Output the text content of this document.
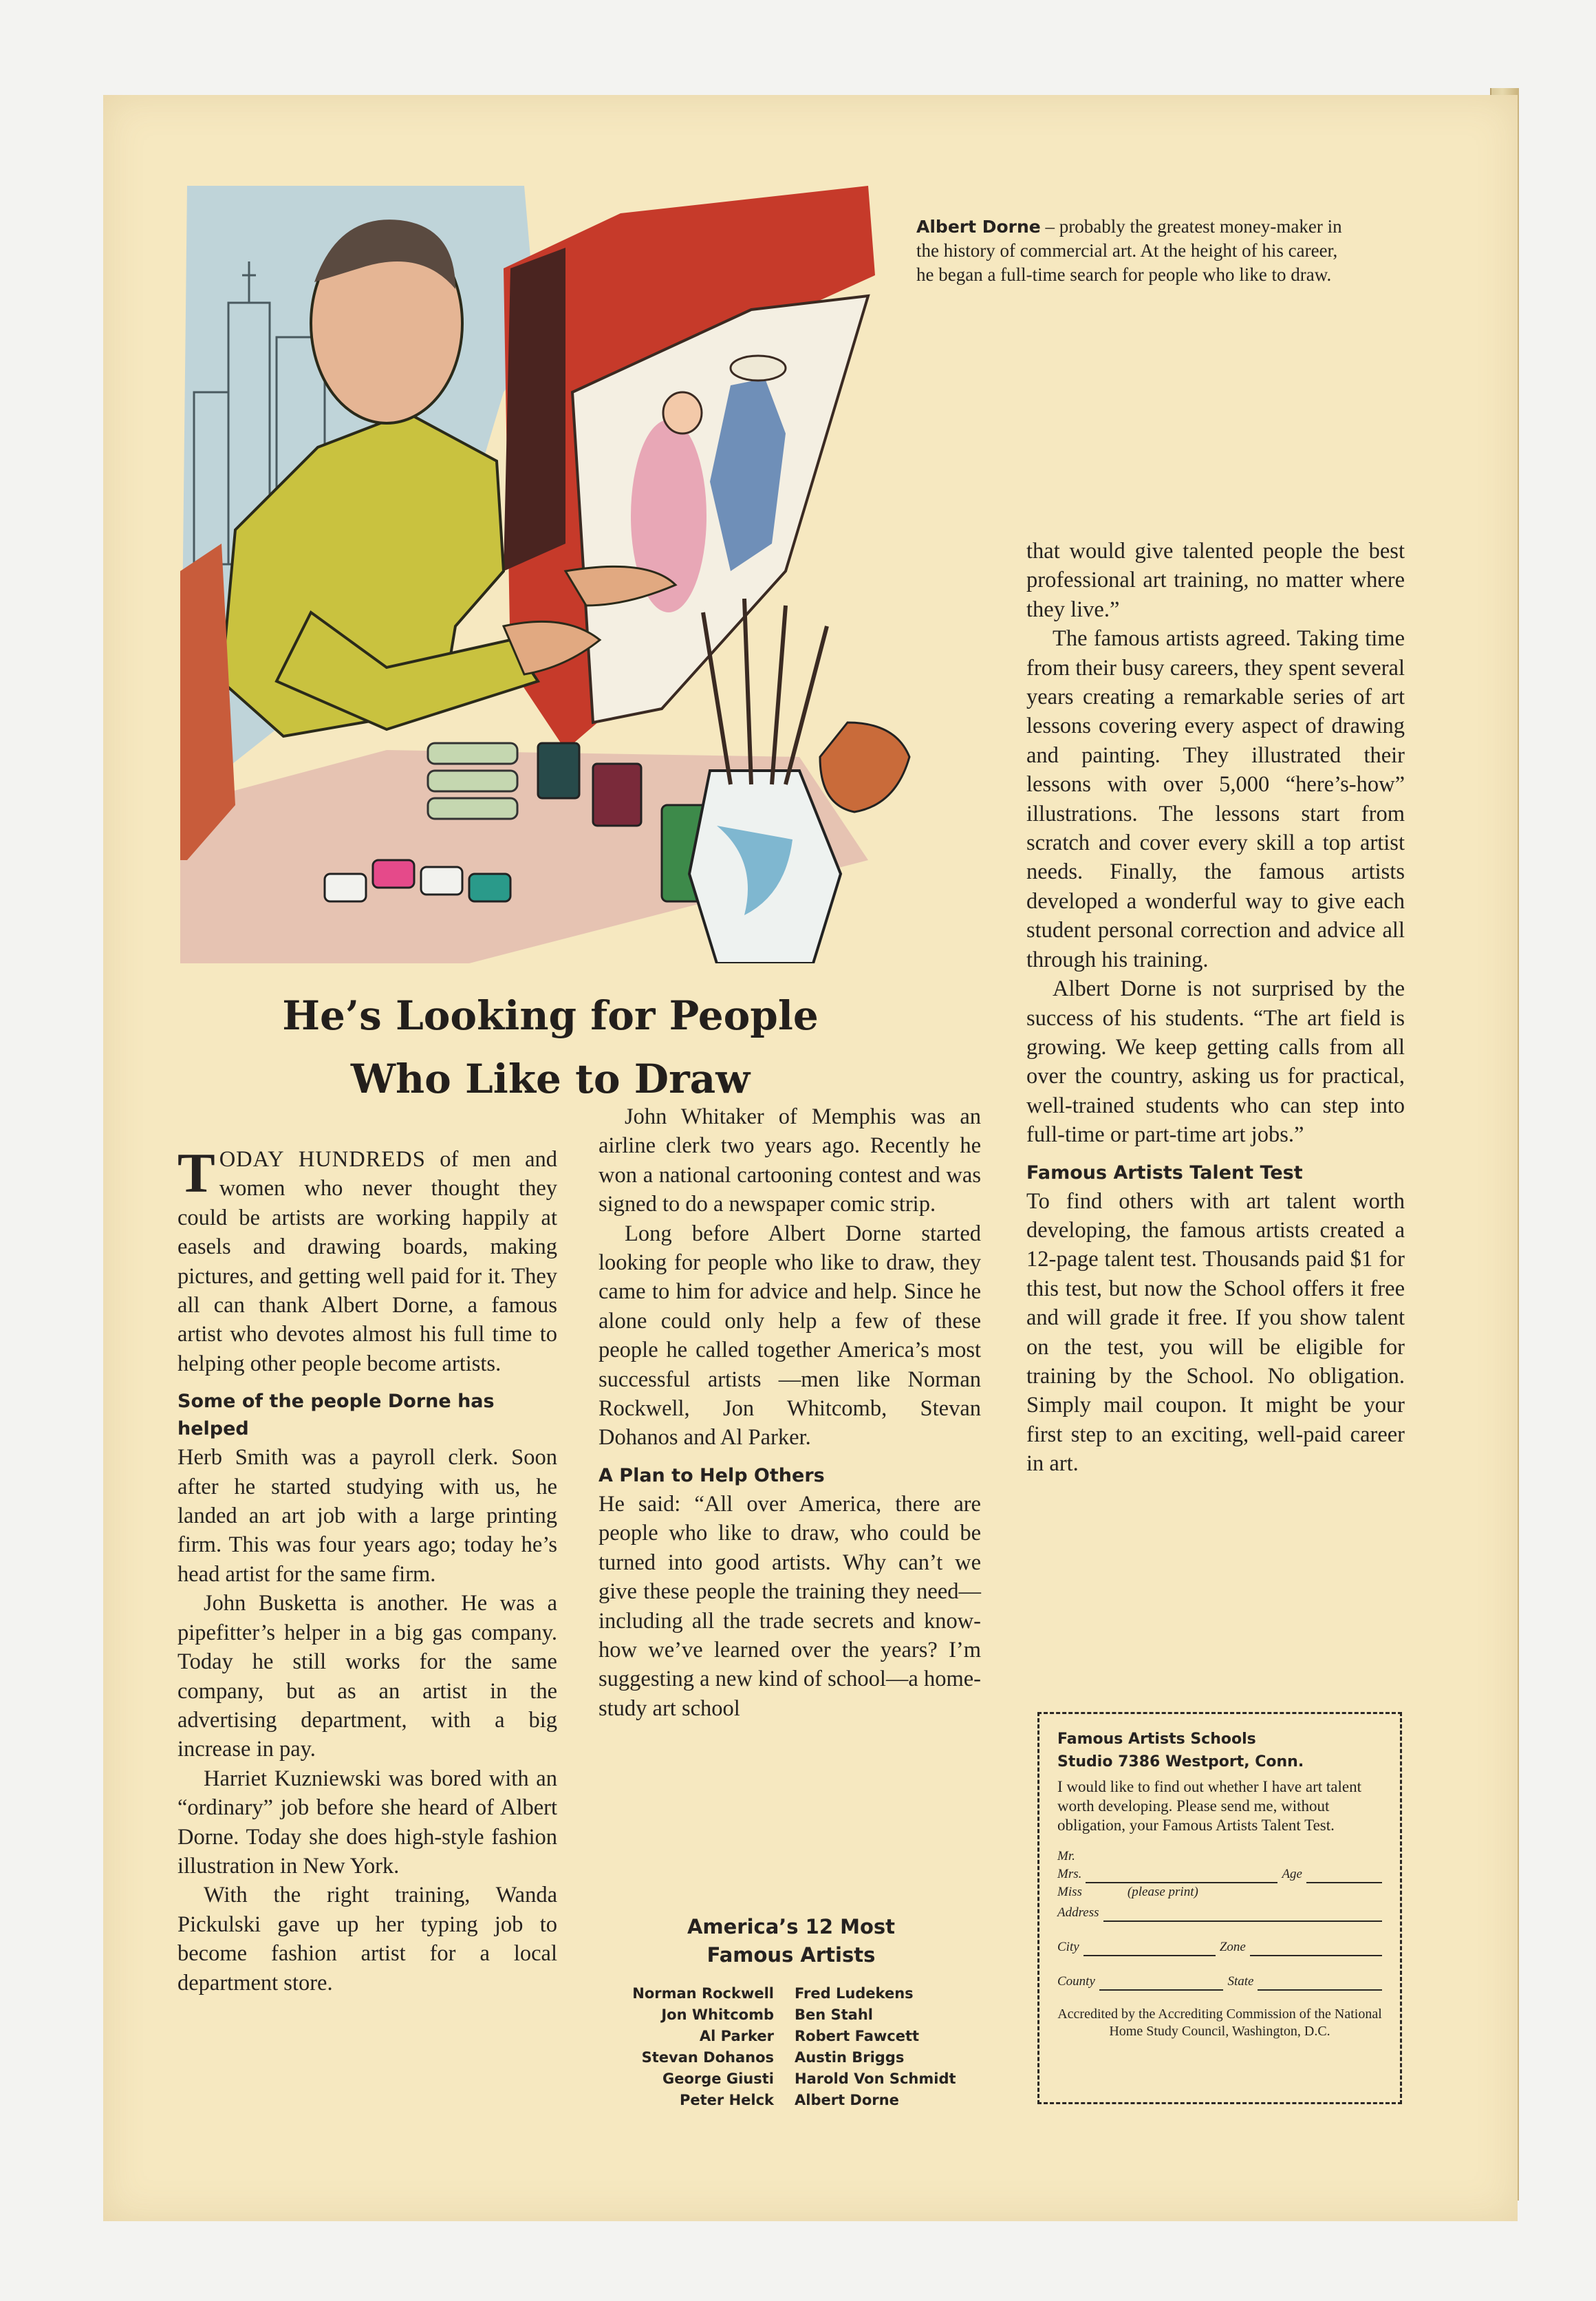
Albert Dorne – probably the greatest money-maker in the history of commercial art. At the height of his career, he began a full-time search for people who like to draw.
He’s Looking for People
Who Like to Draw

TODAY HUNDREDS of men and women who never thought they could be artists are working happily at easels and drawing boards, making pictures, and getting well paid for it. They all can thank Albert Dorne, a famous artist who devotes almost his full time to helping other people become artists.

Some of the people Dorne has helped

Herb Smith was a payroll clerk. Soon after he started studying with us, he landed an art job with a large printing firm. This was four years ago; today he’s head artist for the same firm.

John Busketta is another. He was a pipefitter’s helper in a big gas company. Today he still works for the same company, but as an artist in the advertising department, with a big increase in pay.

Harriet Kuzniewski was bored with an “ordinary” job before she heard of Albert Dorne. Today she does high-style fashion illustration in New York.

With the right training, Wanda Pickulski gave up her typing job to become fashion artist for a local department store.

John Whitaker of Memphis was an airline clerk two years ago. Recently he won a national cartooning contest and was signed to do a newspaper comic strip.

Long before Albert Dorne started looking for people who like to draw, they came to him for advice and help. Since he alone could only help a few of these people he called together America’s most successful artists —men like Norman Rockwell, Jon Whitcomb, Stevan Dohanos and Al Parker.

A Plan to Help Others

He said: “All over America, there are people who like to draw, who could be turned into good artists. Why can’t we give these people the training they need—including all the trade secrets and know-how we’ve learned over the years? I’m suggesting a new kind of school—a home-study art school

America’s 12 Most
Famous Artists
Norman Rockwell	Fred Ludekens
Jon Whitcomb	Ben Stahl
Al Parker	Robert Fawcett
Stevan Dohanos	Austin Briggs
George Giusti	Harold Von Schmidt
Peter Helck	Albert Dorne

that would give talented people the best professional art training, no matter where they live.”

The famous artists agreed. Taking time from their busy careers, they spent several years creating a remarkable series of art lessons covering every aspect of drawing and painting. They illustrated their lessons with over 5,000 “here’s-how” illustrations. The lessons start from scratch and cover every skill a top artist needs. Finally, the famous artists developed a wonderful way to give each student personal correction and advice all through his training.

Albert Dorne is not surprised by the success of his students. “The art field is growing. We keep getting calls from all over the country, asking us for practical, well-trained students who can step into full-time or part-time art jobs.”

Famous Artists Talent Test

To find others with art talent worth developing, the famous artists created a 12-page talent test. Thousands paid $1 for this test, but now the School offers it free and will grade it free. If you show talent on the test, you will be eligible for training by the School. No obligation. Simply mail coupon. It might be your first step to an exciting, well-paid career in art.

Famous Artists Schools
Studio 7386 Westport, Conn.
I would like to find out whether I have art talent worth developing. Please send me, without obligation, your Famous Artists Talent Test.
Mr.
Mrs.	Age
Miss	(please print)
Address
City	Zone
County	State
Accredited by the Accrediting Commission of the National Home Study Council, Washington, D.C.
